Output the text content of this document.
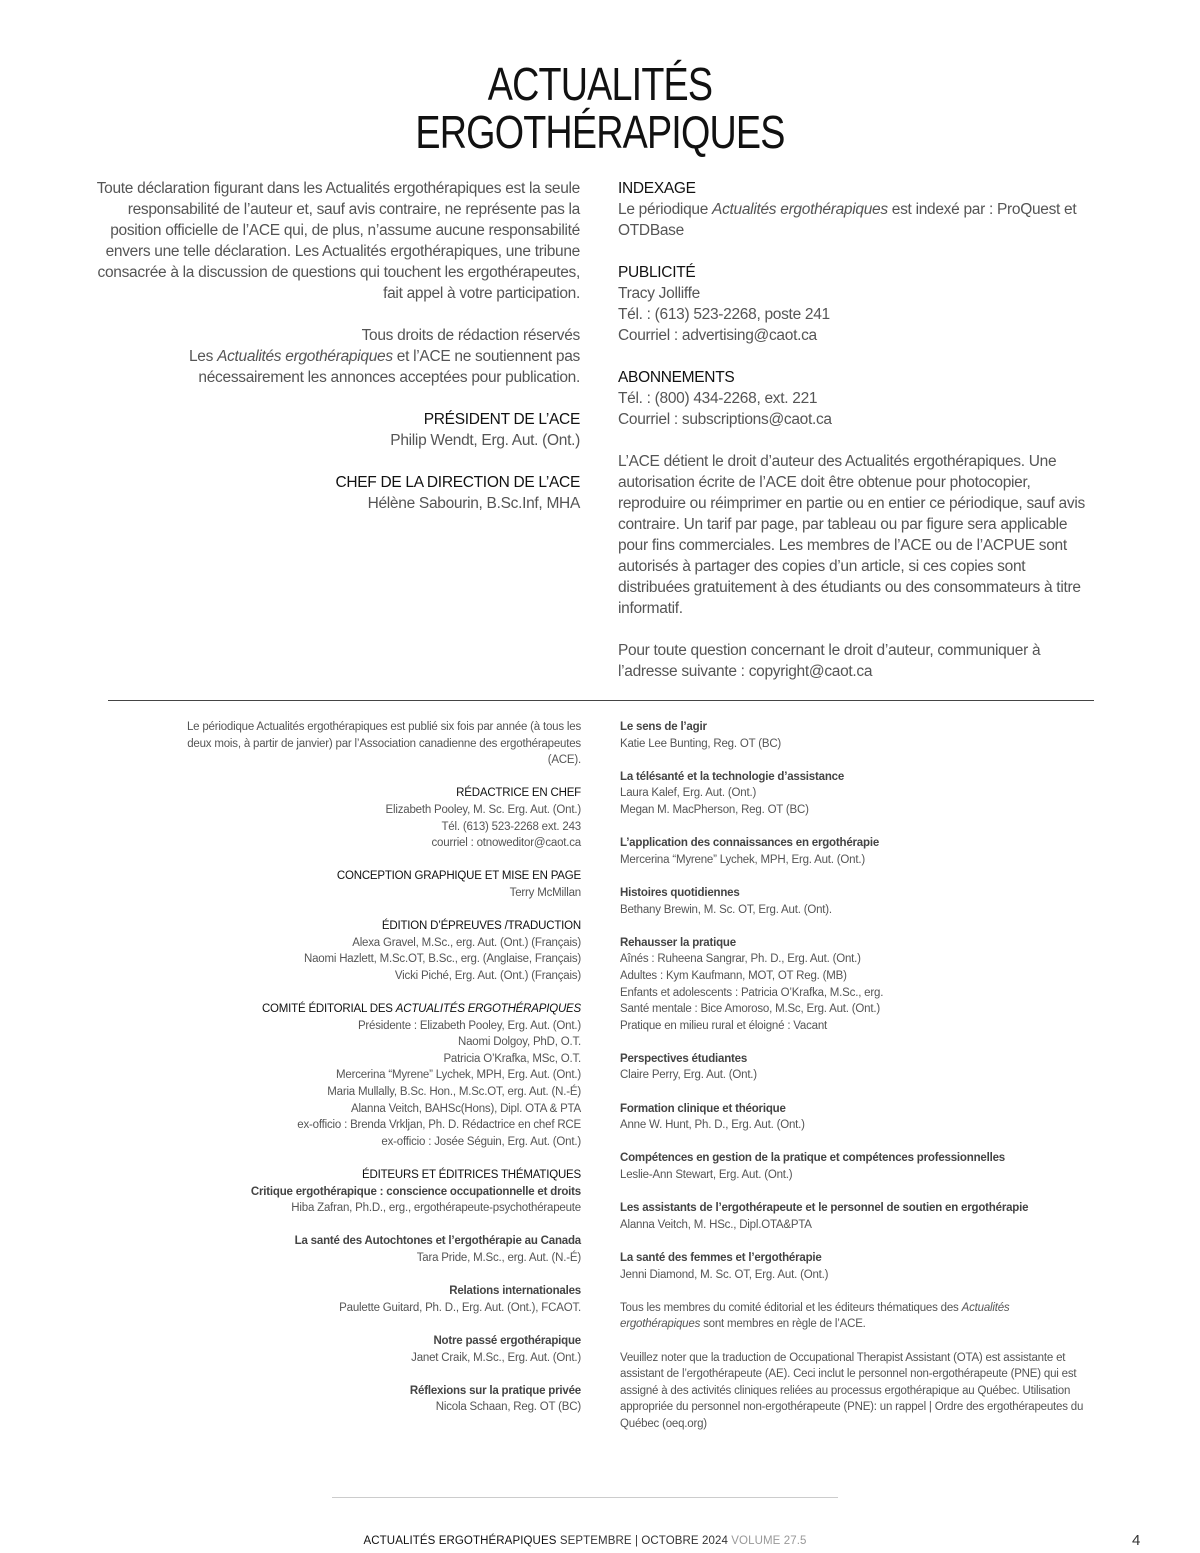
ACTUALITÉS
ERGOTHÉRAPIQUES

Toute déclaration figurant dans les Actualités ergothérapiques est la seule responsabilité de l’auteur et, sauf avis contraire, ne représente pas la position officielle de l’ACE qui, de plus, n’assume aucune responsabilité envers une telle déclaration. Les Actualités ergothérapiques, une tribune consacrée à la discussion de questions qui touchent les ergothérapeutes, fait appel à votre participation.

Tous droits de rédaction réservés
Les Actualités ergothérapiques et l’ACE ne soutiennent pas nécessairement les annonces acceptées pour publication.

PRÉSIDENT DE L’ACE
Philip Wendt, Erg. Aut. (Ont.)

CHEF DE LA DIRECTION DE L’ACE
Hélène Sabourin, B.Sc.Inf, MHA

INDEXAGE
Le périodique Actualités ergothérapiques est indexé par : ProQuest et OTDBase

PUBLICITÉ
Tracy Jolliffe
Tél. : (613) 523-2268, poste 241
Courriel : advertising@caot.ca

ABONNEMENTS
Tél. : (800) 434-2268, ext. 221
Courriel : subscriptions@caot.ca

L’ACE détient le droit d’auteur des Actualités ergothérapiques. Une autorisation écrite de l’ACE doit être obtenue pour photocopier, reproduire ou réimprimer en partie ou en entier ce périodique, sauf avis contraire. Un tarif par page, par tableau ou par figure sera applicable pour fins commerciales. Les membres de l’ACE ou de l’ACPUE sont autorisés à partager des copies d’un article, si ces copies sont distribuées gratuitement à des étudiants ou des consommateurs à titre informatif.

Pour toute question concernant le droit d’auteur, communiquer à l’adresse suivante : copyright@caot.ca

Le périodique Actualités ergothérapiques est publié six fois par année (à tous les deux mois, à partir de janvier) par l’Association canadienne des ergothérapeutes (ACE).

RÉDACTRICE EN CHEF
Elizabeth Pooley, M. Sc. Erg. Aut. (Ont.)
Tél. (613) 523-2268 ext. 243
courriel : otnoweditor@caot.ca

CONCEPTION GRAPHIQUE ET MISE EN PAGE
Terry McMillan

ÉDITION D’ÉPREUVES /TRADUCTION
Alexa Gravel, M.Sc., erg. Aut. (Ont.) (Français)
Naomi Hazlett, M.Sc.OT, B.Sc., erg. (Anglaise, Français)
Vicki Piché, Erg. Aut. (Ont.) (Français)

COMITÉ ÉDITORIAL DES ACTUALITÉS ERGOTHÉRAPIQUES
Présidente : Elizabeth Pooley, Erg. Aut. (Ont.)
Naomi Dolgoy, PhD, O.T.
Patricia O’Krafka, MSc, O.T.
Mercerina “Myrene” Lychek, MPH, Erg. Aut. (Ont.)
Maria Mullally, B.Sc. Hon., M.Sc.OT, erg. Aut. (N.-É)
Alanna Veitch, BAHSc(Hons), Dipl. OTA & PTA
ex-officio : Brenda Vrkljan, Ph. D. Rédactrice en chef RCE
ex-officio : Josée Séguin, Erg. Aut. (Ont.)

ÉDITEURS ET ÉDITRICES THÉMATIQUES
Critique ergothérapique : conscience occupationnelle et droits
Hiba Zafran, Ph.D., erg., ergothérapeute-psychothérapeute

La santé des Autochtones et l’ergothérapie au Canada
Tara Pride, M.Sc., erg. Aut. (N.-É)

Relations internationales
Paulette Guitard, Ph. D., Erg. Aut. (Ont.), FCAOT.

Notre passé ergothérapique
Janet Craik, M.Sc., Erg. Aut. (Ont.)

Réflexions sur la pratique privée
Nicola Schaan, Reg. OT (BC)

Le sens de l’agir
Katie Lee Bunting, Reg. OT (BC)

La télésanté et la technologie d’assistance
Laura Kalef, Erg. Aut. (Ont.)
Megan M. MacPherson, Reg. OT (BC)

L’application des connaissances en ergothérapie
Mercerina “Myrene” Lychek, MPH, Erg. Aut. (Ont.)

Histoires quotidiennes
Bethany Brewin, M. Sc. OT, Erg. Aut. (Ont).

Rehausser la pratique
Aînés : Ruheena Sangrar, Ph. D., Erg. Aut. (Ont.)
Adultes : Kym Kaufmann, MOT, OT Reg. (MB)
Enfants et adolescents : Patricia O’Krafka, M.Sc., erg.
Santé mentale : Bice Amoroso, M.Sc, Erg. Aut. (Ont.)
Pratique en milieu rural et éloigné : Vacant

Perspectives étudiantes
Claire Perry, Erg. Aut. (Ont.)

Formation clinique et théorique
Anne W. Hunt, Ph. D., Erg. Aut. (Ont.)

Compétences en gestion de la pratique et compétences professionnelles
Leslie-Ann Stewart, Erg. Aut. (Ont.)

Les assistants de l’ergothérapeute et le personnel de soutien en ergothérapie
Alanna Veitch, M. HSc., Dipl.OTA&PTA

La santé des femmes et l’ergothérapie
Jenni Diamond, M. Sc. OT, Erg. Aut. (Ont.)

Tous les membres du comité éditorial et les éditeurs thématiques des Actualités ergothérapiques sont membres en règle de l’ACE.

Veuillez noter que la traduction de Occupational Therapist Assistant (OTA) est assistante et assistant de l’ergothérapeute (AE). Ceci inclut le personnel non-ergothérapeute (PNE) qui est assigné à des activités cliniques reliées au processus ergothérapique au Québec. Utilisation appropriée du personnel non-ergothérapeute (PNE): un rappel | Ordre des ergothérapeutes du Québec (oeq.org)

ACTUALITÉS ERGOTHÉRAPIQUES SEPTEMBRE | OCTOBRE 2024 VOLUME 27.5	4
